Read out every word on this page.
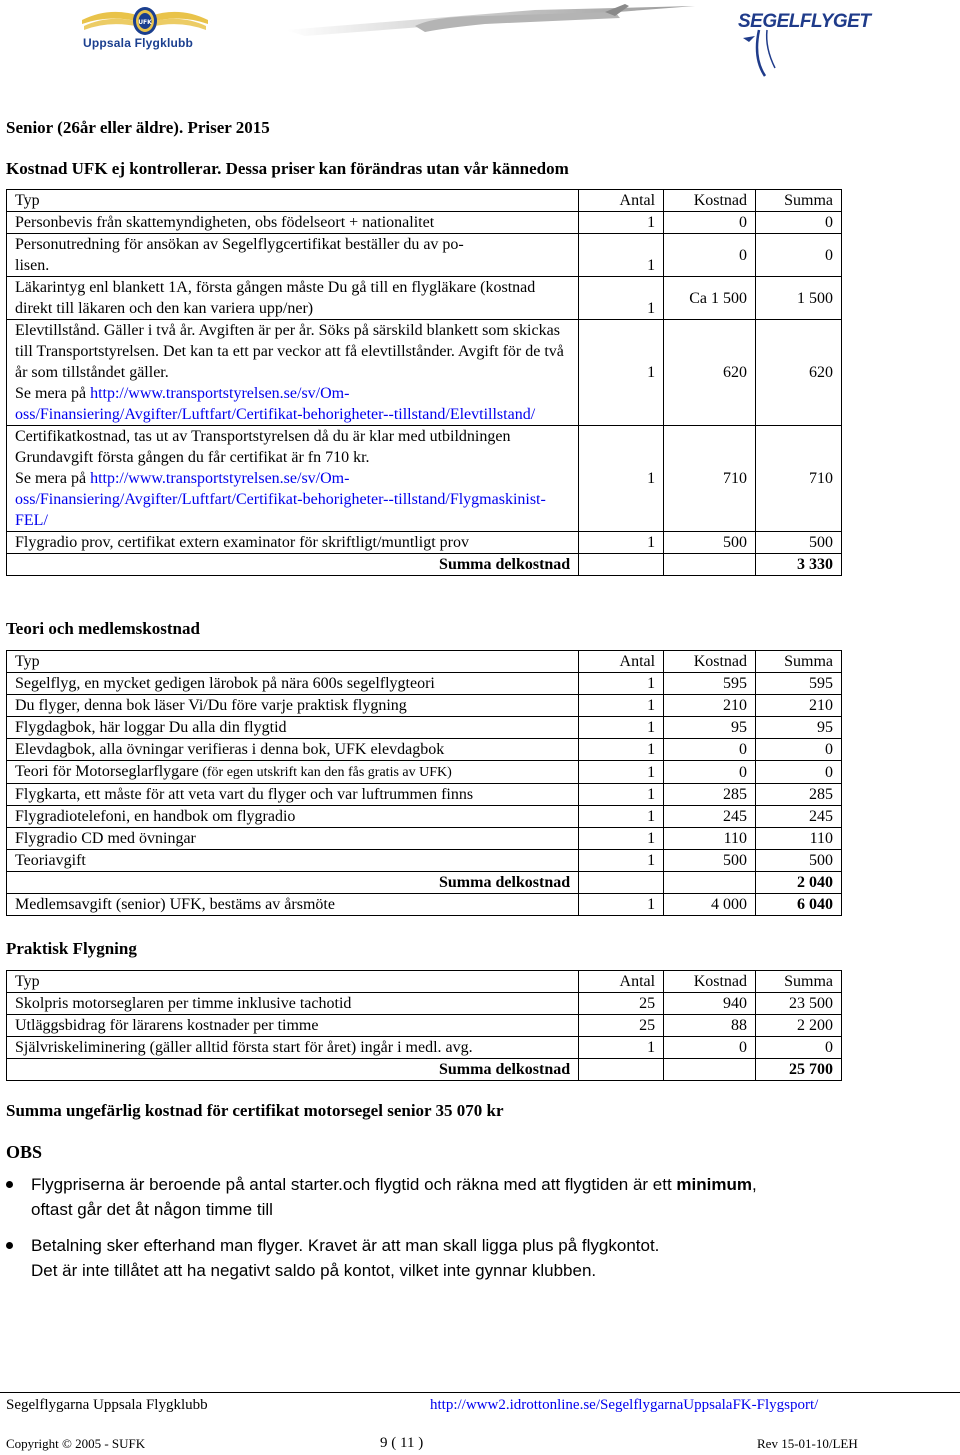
UFK
Uppsala Flygklubb
SEGELFLYGET

Senior (26år eller äldre). Priser 2015

Kostnad UFK ej kontrollerar. Dessa priser kan förändras utan vår kännedom

Typ	Antal	Kostnad	Summa
Personbevis från skattemyndigheten, obs födelseort + nationalitet	1	0	0
Personutredning för ansökan av Segelflygcertifikat beställer du av po-
lisen.	1	0	0
Läkarintyg enl blankett 1A, första gången måste Du gå till en flygläkare (kostnad direkt till läkaren och den kan variera upp/ner)	1	Ca 1 500	1 500
Elevtillstånd. Gäller i två år. Avgiften är per år. Söks på särskild blankett som skickas till Transportstyrelsen. Det kan ta ett par veckor att få elevtillstånder. Avgift för de två år som tillståndet gäller.
Se mera på http://www.transportstyrelsen.se/sv/Om-oss/Finansiering/Avgifter/Luftfart/Certifikat-behorigheter--tillstand/Elevtillstand/	1	620	620
Certifikatkostnad, tas ut av Transportstyrelsen då du är klar med utbildningen Grundavgift första gången du får certifikat är fn 710 kr.
Se mera på http://www.transportstyrelsen.se/sv/Om-oss/Finansiering/Avgifter/Luftfart/Certifikat-behorigheter--tillstand/Flygmaskinist-FEL/	1	710	710
Flygradio prov, certifikat extern examinator för skriftligt/muntligt prov	1	500	500
Summa delkostnad			3 330

Teori och medlemskostnad

Typ	Antal	Kostnad	Summa
Segelflyg, en mycket gedigen lärobok på nära 600s segelflygteori	1	595	595
Du flyger, denna bok läser Vi/Du före varje praktisk flygning	1	210	210
Flygdagbok, här loggar Du alla din flygtid	1	95	95
Elevdagbok, alla övningar verifieras i denna bok, UFK elevdagbok	1	0	0
Teori för Motorseglarflygare (för egen utskrift kan den fås gratis av UFK)	1	0	0
Flygkarta, ett måste för att veta vart du flyger och var luftrummen finns	1	285	285
Flygradiotelefoni, en handbok om flygradio	1	245	245
Flygradio CD med övningar	1	110	110
Teoriavgift	1	500	500
Summa delkostnad			2 040
Medlemsavgift (senior) UFK, bestäms av årsmöte	1	4 000	6 040

Praktisk Flygning

Typ	Antal	Kostnad	Summa
Skolpris motorseglaren per timme inklusive tachotid	25	940	23 500
Utläggsbidrag för lärarens kostnader per timme	25	88	2 200
Självriskeliminering (gäller alltid första start för året) ingår i medl. avg.	1	0	0
Summa delkostnad			25 700

Summa ungefärlig kostnad för certifikat motorsegel senior 35 070 kr

OBS

Flygpriserna är beroende på antal starter.och flygtid och räkna med att flygtiden är ett minimum,
oftast går det åt någon timme till
Betalning sker efterhand man flyger. Kravet är att man skall ligga plus på flygkontot.
Det är inte tillåtet att ha negativt saldo på kontot, vilket inte gynnar klubben.
Segelflygarna Uppsala Flygklubb	http://www2.idrottonline.se/SegelflygarnaUppsalaFK-Flygsport/
Copyright © 2005 - SUFK	9 ( 11 )	Rev 15-01-10/LEH
